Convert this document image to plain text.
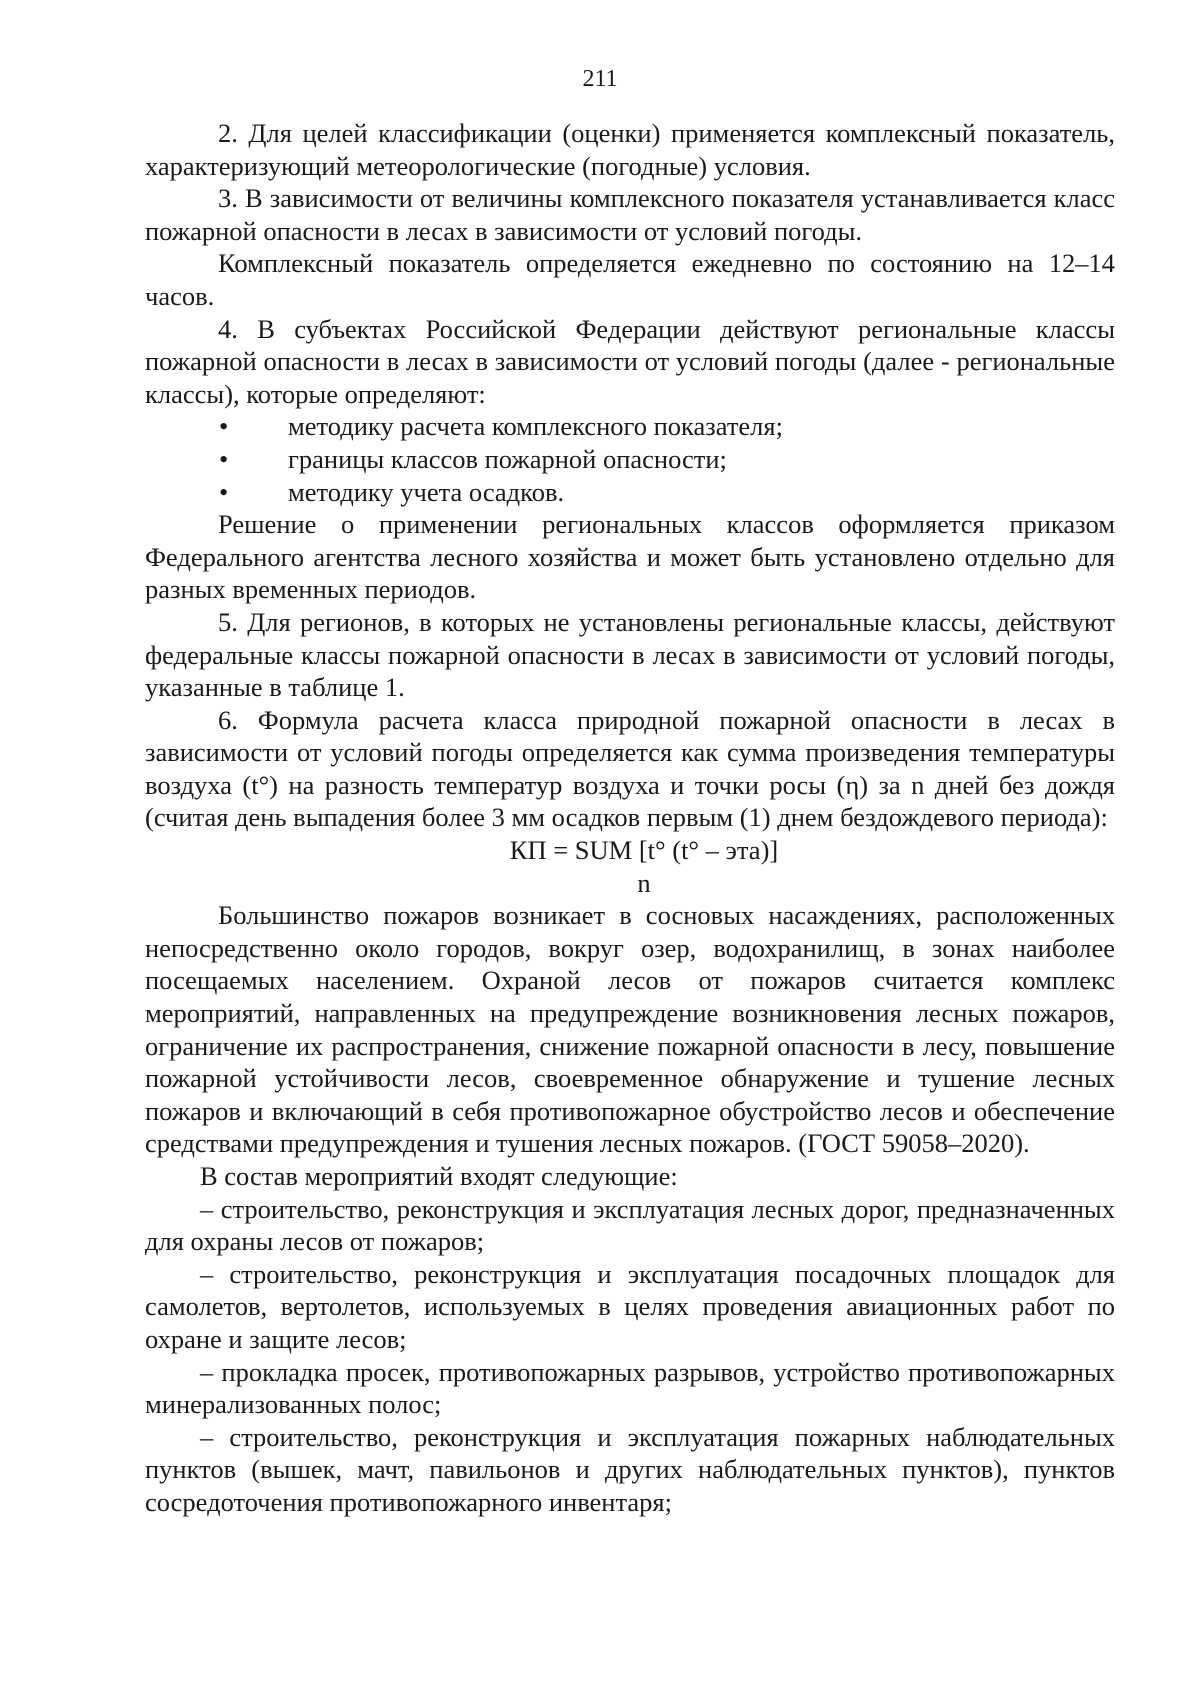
211

2. Для целей классификации (оценки) применяется комплексный показатель, характеризующий метеорологические (погодные) условия.

3. В зависимости от величины комплексного показателя устанавливается класс пожарной опасности в лесах в зависимости от условий погоды.

Комплексный показатель определяется ежедневно по состоянию на 12–14 часов.

4. В субъектах Российской Федерации действуют региональные классы пожарной опасности в лесах в зависимости от условий погоды (далее - региональные классы), которые определяют:

• методику расчета комплексного показателя;
• границы классов пожарной опасности;
• методику учета осадков.

Решение о применении региональных классов оформляется приказом Федерального агентства лесного хозяйства и может быть установлено отдельно для разных временных периодов.

5. Для регионов, в которых не установлены региональные классы, действуют федеральные классы пожарной опасности в лесах в зависимости от условий погоды, указанные в таблице 1.

6. Формула расчета класса природной пожарной опасности в лесах в зависимости от условий погоды определяется как сумма произведения температуры воздуха (t°) на разность температур воздуха и точки росы (η) за n дней без дождя (считая день выпадения более 3 мм осадков первым (1) днем бездождевого периода):

КП = SUM [t° (t° – эта)]

n

Большинство пожаров возникает в сосновых насаждениях, расположенных непосредственно около городов, вокруг озер, водохранилищ, в зонах наиболее посещаемых населением. Охраной лесов от пожаров считается комплекс мероприятий, направленных на предупреждение возникновения лесных пожаров, ограничение их распространения, снижение пожарной опасности в лесу, повышение пожарной устойчивости лесов, своевременное обнаружение и тушение лесных пожаров и включающий в себя противопожарное обустройство лесов и обеспечение средствами предупреждения и тушения лесных пожаров. (ГОСТ 59058–2020).

В состав мероприятий входят следующие:

– строительство, реконструкция и эксплуатация лесных дорог, предназначенных для охраны лесов от пожаров;

– строительство, реконструкция и эксплуатация посадочных площадок для самолетов, вертолетов, используемых в целях проведения авиационных работ по охране и защите лесов;

– прокладка просек, противопожарных разрывов, устройство противопожарных минерализованных полос;

– строительство, реконструкция и эксплуатация пожарных наблюдательных пунктов (вышек, мачт, павильонов и других наблюдательных пунктов), пунктов сосредоточения противопожарного инвентаря;
